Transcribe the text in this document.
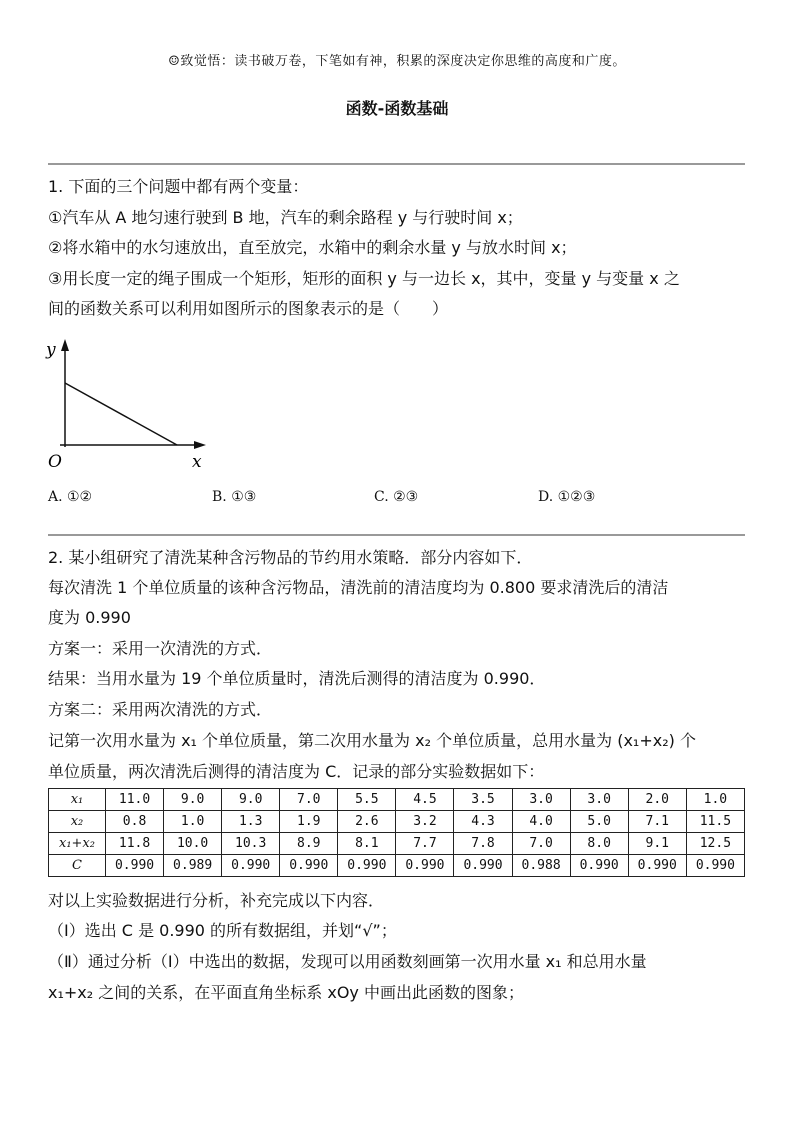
☺致觉悟：读书破万卷，下笔如有神，积累的深度决定你思维的高度和广度。
函数-函数基础
1. 下面的三个问题中都有两个变量：
①汽车从 A 地匀速行驶到 B 地，汽车的剩余路程 y 与行驶时间 x；
②将水箱中的水匀速放出，直至放完，水箱中的剩余水量 y 与放水时间 x；
③用长度一定的绳子围成一个矩形，矩形的面积 y 与一边长 x，其中，变量 y 与变量 x 之
间的函数关系可以利用如图所示的图象表示的是（　　）
y
x
O
A. ①②	B. ①③	C. ②③	D. ①②③
2. 某小组研究了清洗某种含污物品的节约用水策略．部分内容如下．
每次清洗 1 个单位质量的该种含污物品，清洗前的清洁度均为 0.800 要求清洗后的清洁
度为 0.990
方案一：采用一次清洗的方式．
结果：当用水量为 19 个单位质量时，清洗后测得的清洁度为 0.990．
方案二：采用两次清洗的方式．
记第一次用水量为 x₁ 个单位质量，第二次用水量为 x₂ 个单位质量，总用水量为 (x₁+x₂) 个
单位质量，两次清洗后测得的清洁度为 C．记录的部分实验数据如下：
x₁	11.0	9.0	9.0	7.0	5.5	4.5	3.5	3.0	3.0	2.0	1.0
x₂	0.8	1.0	1.3	1.9	2.6	3.2	4.3	4.0	5.0	7.1	11.5
x₁+x₂	11.8	10.0	10.3	8.9	8.1	7.7	7.8	7.0	8.0	9.1	12.5
C	0.990	0.989	0.990	0.990	0.990	0.990	0.990	0.988	0.990	0.990	0.990
对以上实验数据进行分析，补充完成以下内容．
（Ⅰ）选出 C 是 0.990 的所有数据组，并划“√”；
（Ⅱ）通过分析（Ⅰ）中选出的数据，发现可以用函数刻画第一次用水量 x₁ 和总用水量
x₁+x₂ 之间的关系，在平面直角坐标系 xOy 中画出此函数的图象；
